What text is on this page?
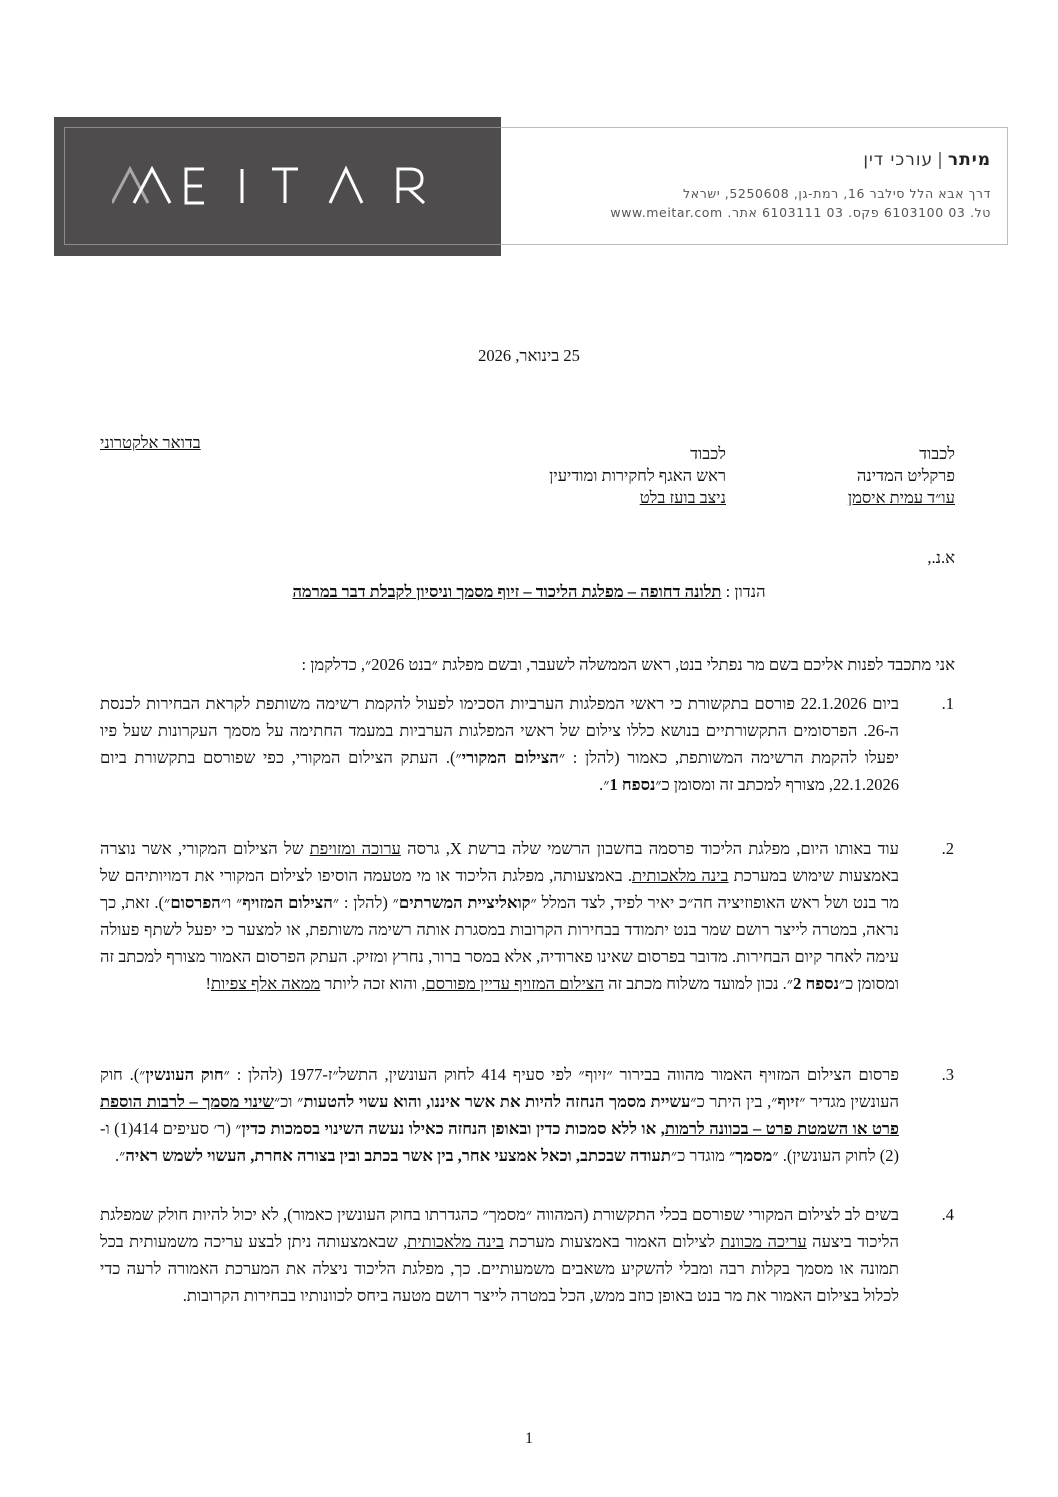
מיתר|עורכי דין
דרך אבא הלל סילבר 16, רמת-גן, 5250608, ישראל
טל. 03 6103100 פקס. 03 6103111 אתר. www.meitar.com
25 בינואר, 2026
בדואר אלקטרוני
לכבוד
פרקליט המדינה
עו״ד עמית איסמן
לכבוד
ראש האגף לחקירות ומודיעין
ניצב בועז בלט
א.נ.,
הנדון : תלונה דחופה – מפלגת הליכוד – זיוף מסמך וניסיון לקבלת דבר במרמה
אני מתכבד לפנות אליכם בשם מר נפתלי בנט, ראש הממשלה לשעבר, ובשם מפלגת ״בנט 2026״, כדלקמן :
1.
ביום 22.1.2026 פורסם בתקשורת כי ראשי המפלגות הערביות הסכימו לפעול להקמת רשימה משותפת לקראת הבחירות לכנסת ה-26. הפרסומים התקשורתיים בנושא כללו צילום של ראשי המפלגות הערביות במעמד החתימה על מסמך העקרונות שעל פיו יפעלו להקמת הרשימה המשותפת, כאמור (להלן : ״הצילום המקורי״). העתק הצילום המקורי, כפי שפורסם בתקשורת ביום 22.1.2026, מצורף למכתב זה ומסומן כ״נספח 1״.
2.
עוד באותו היום, מפלגת הליכוד פרסמה בחשבון הרשמי שלה ברשת X, גרסה ערוכה ומזויפת של הצילום המקורי, אשר נוצרה באמצעות שימוש במערכת בינה מלאכותית. באמצעותה, מפלגת הליכוד או מי מטעמה הוסיפו לצילום המקורי את דמויותיהם של מר בנט ושל ראש האופוזיציה חה״כ יאיר לפיד, לצד המלל ״קואליציית המשרתים״ (להלן : ״הצילום המזויף״ ו״הפרסום״). זאת, כך נראה, במטרה לייצר רושם שמר בנט יתמודד בבחירות הקרובות במסגרת אותה רשימה משותפת, או למצער כי יפעל לשתף פעולה עימה לאחר קיום הבחירות. מדובר בפרסום שאינו פארודיה, אלא במסר ברור, נחרץ ומזיק. העתק הפרסום האמור מצורף למכתב זה ומסומן כ״נספח 2״. נכון למועד משלוח מכתב זה הצילום המזויף עדיין מפורסם, והוא זכה ליותר ממאה אלף צפיות!
3.
פרסום הצילום המזויף האמור מהווה בבירור ״זיוף״ לפי סעיף 414 לחוק העונשין, התשל״ז-1977 (להלן : ״חוק העונשין״). חוק העונשין מגדיר ״זיוף״, בין היתר כ״עשיית מסמך הנחזה להיות את אשר איננו, והוא עשוי להטעות״ וכ״שינוי מסמך – לרבות הוספת פרט או השמטת פרט – בכוונה לרמות, או ללא סמכות כדין ובאופן הנחזה כאילו נעשה השינוי בסמכות כדין״ (ר׳ סעיפים 414(1) ו-(2) לחוק העונשין). ״מסמך״ מוגדר כ״תעודה שבכתב, וכאל אמצעי אחר, בין אשר בכתב ובין בצורה אחרת, העשוי לשמש ראיה״.
4.
בשים לב לצילום המקורי שפורסם בכלי התקשורת (המהווה ״מסמך״ כהגדרתו בחוק העונשין כאמור), לא יכול להיות חולק שמפלגת הליכוד ביצעה עריכה מכוונת לצילום האמור באמצעות מערכת בינה מלאכותית, שבאמצעותה ניתן לבצע עריכה משמעותית בכל תמונה או מסמך בקלות רבה ומבלי להשקיע משאבים משמעותיים. כך, מפלגת הליכוד ניצלה את המערכת האמורה לרעה כדי לכלול בצילום האמור את מר בנט באופן כוזב ממש, הכל במטרה לייצר רושם מטעה ביחס לכוונותיו בבחירות הקרובות.
1
